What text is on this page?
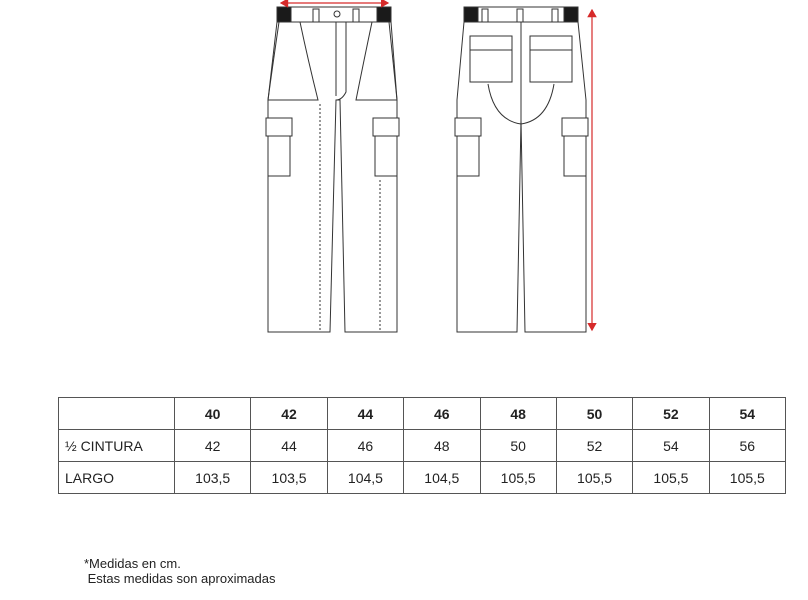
	40	42	44	46	48	50	52	54
½ CINTURA	42	44	46	48	50	52	54	56
LARGO	103,5	103,5	104,5	104,5	105,5	105,5	105,5	105,5
*Medidas en cm.
Estas medidas son aproximadas
